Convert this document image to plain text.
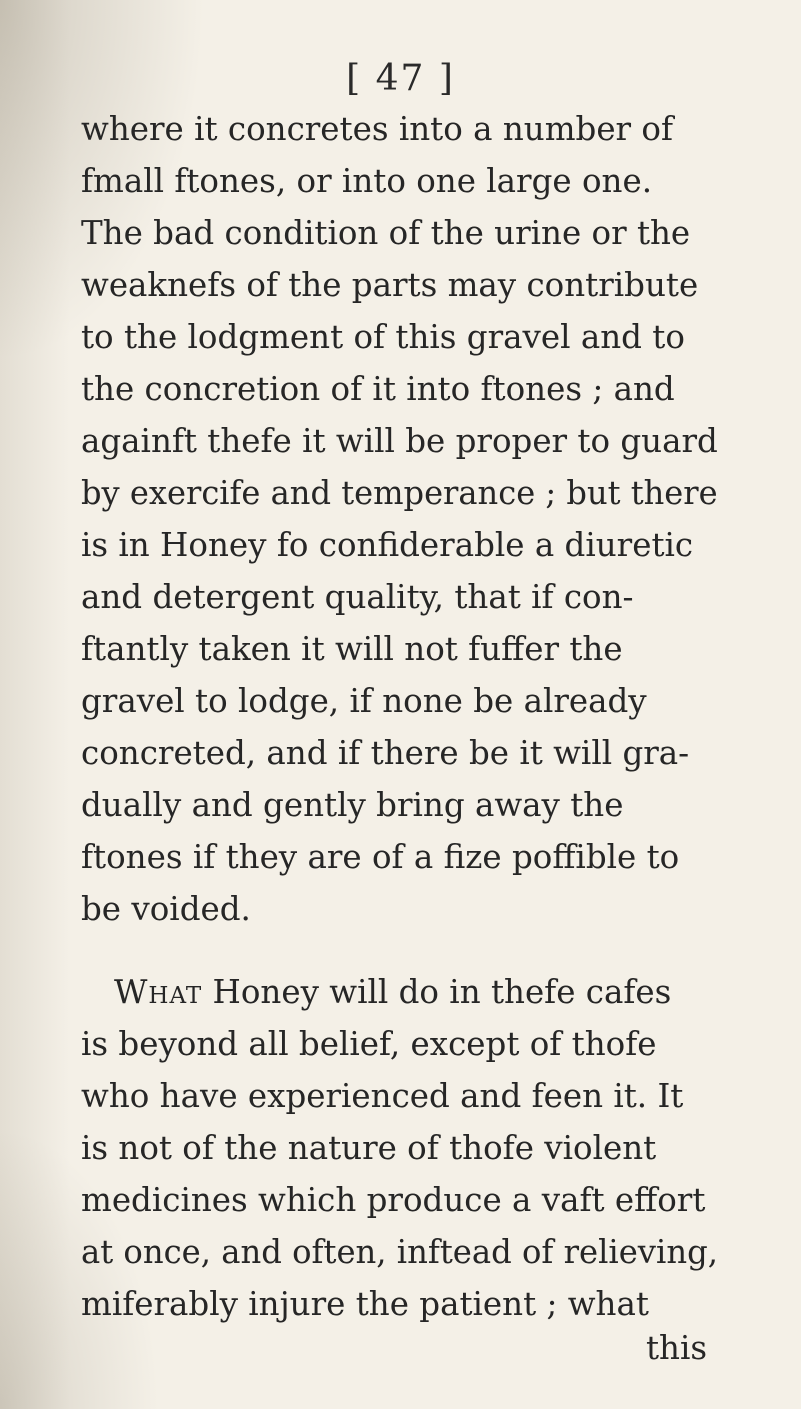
[ 47 ]
where it concretes into a number of
fmall ftones, or into one large one.
The bad condition of the urine or the
weaknefs of the parts may contribute
to the lodgment of this gravel and to
the concretion of it into ftones ; and
againft thefe it will be proper to guard
by exercife and temperance ; but there
is in Honey fo confiderable a diuretic
and detergent quality, that if con-
ftantly taken it will not fuffer the
gravel to lodge, if none be already
concreted, and if there be it will gra-
dually and gently bring away the
ftones if they are of a fize poffible to
be voided.
What Honey will do in thefe cafes
is beyond all belief, except of thofe
who have experienced and feen it. It
is not of the nature of thofe violent
medicines which produce a vaft effort
at once, and often, inftead of relieving,
miferably injure the patient ; what
this
